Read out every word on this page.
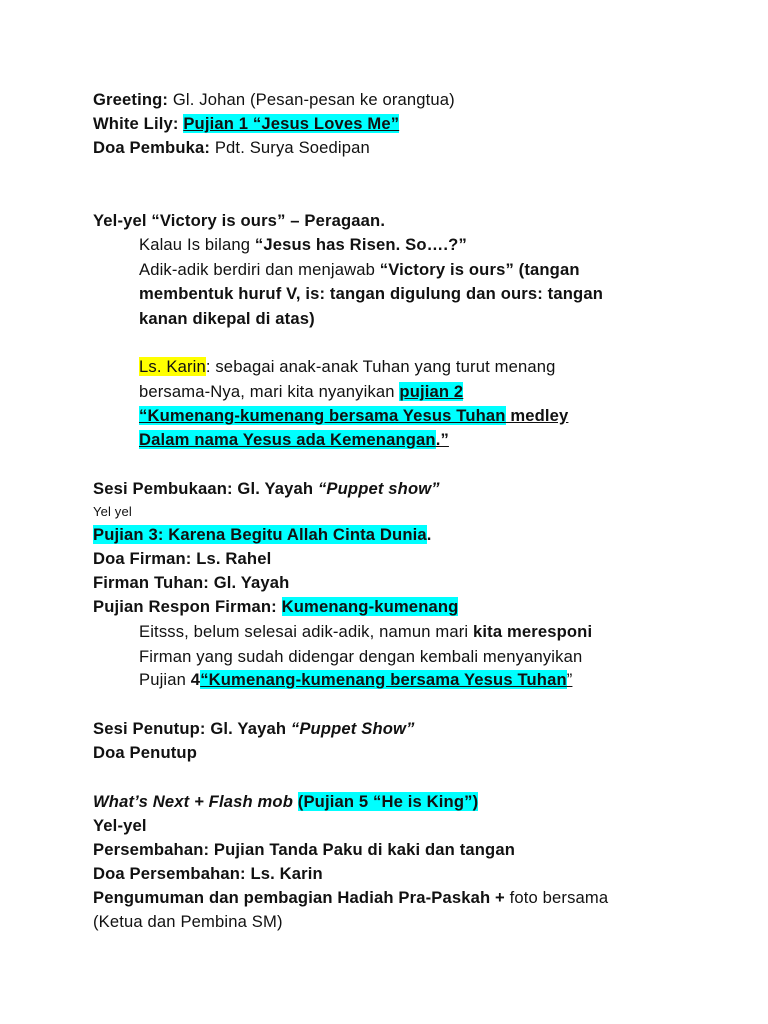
Greeting: Gl. Johan (Pesan-pesan ke orangtua)
White Lily: Pujian 1 “Jesus Loves Me”
Doa Pembuka: Pdt. Surya Soedipan
Yel-yel “Victory is ours” – Peragaan.
Kalau Is bilang “Jesus has Risen. So….?”
Adik-adik berdiri dan menjawab “Victory is ours” (tangan
membentuk huruf V, is: tangan digulung dan ours: tangan
kanan dikepal di atas)
Ls. Karin: sebagai anak-anak Tuhan yang turut menang
bersama-Nya, mari kita nyanyikan pujian 2
“Kumenang-kumenang bersama Yesus Tuhan medley
Dalam nama Yesus ada Kemenangan.”
Sesi Pembukaan: Gl. Yayah “Puppet show”
Yel yel
Pujian 3: Karena Begitu Allah Cinta Dunia.
Doa Firman: Ls. Rahel
Firman Tuhan: Gl. Yayah
Pujian Respon Firman: Kumenang-kumenang
Eitsss, belum selesai adik-adik, namun mari kita meresponi
Firman yang sudah didengar dengan kembali menyanyikan
Pujian 4“Kumenang-kumenang bersama Yesus Tuhan”
Sesi Penutup: Gl. Yayah “Puppet Show”
Doa Penutup
What’s Next + Flash mob (Pujian 5 “He is King”)
Yel-yel
Persembahan: Pujian Tanda Paku di kaki dan tangan
Doa Persembahan: Ls. Karin
Pengumuman dan pembagian Hadiah Pra-Paskah + foto bersama
(Ketua dan Pembina SM)
